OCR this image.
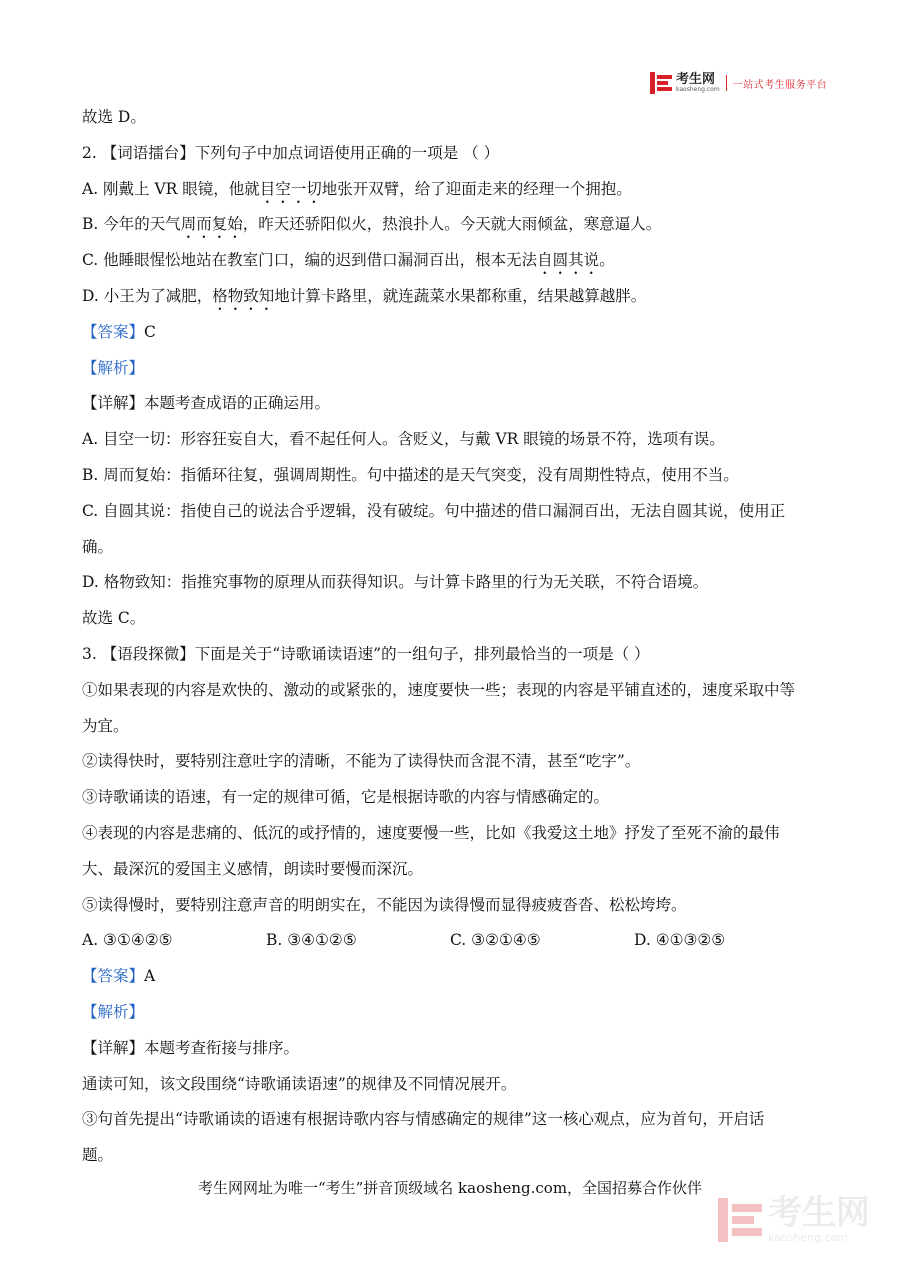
考生网
kaosheng.com 一站式考生服务平台
故选 D。
2. 【词语擂台】下列句子中加点词语使用正确的一项是 （ ）
A. 刚戴上 VR 眼镜，他就目空一切地张开双臂，给了迎面走来的经理一个拥抱。
B. 今年的天气周而复始，昨天还骄阳似火，热浪扑人。今天就大雨倾盆，寒意逼人。
C. 他睡眼惺忪地站在教室门口，编的迟到借口漏洞百出，根本无法自圆其说。
D. 小王为了减肥，格物致知地计算卡路里，就连蔬菜水果都称重，结果越算越胖。
【答案】C
【解析】
【详解】本题考查成语的正确运用。
A. 目空一切：形容狂妄自大，看不起任何人。含贬义，与戴 VR 眼镜的场景不符，选项有误。
B. 周而复始：指循环往复，强调周期性。句中描述的是天气突变，没有周期性特点，使用不当。
C. 自圆其说：指使自己的说法合乎逻辑，没有破绽。句中描述的借口漏洞百出，无法自圆其说，使用正
确。
D. 格物致知：指推究事物的原理从而获得知识。与计算卡路里的行为无关联，不符合语境。
故选 C。
3. 【语段探微】下面是关于“诗歌诵读语速”的一组句子，排列最恰当的一项是（ ）
①如果表现的内容是欢快的、激动的或紧张的，速度要快一些；表现的内容是平铺直述的，速度采取中等
为宜。
②读得快时，要特别注意吐字的清晰，不能为了读得快而含混不清，甚至“吃字”。
③诗歌诵读的语速，有一定的规律可循，它是根据诗歌的内容与情感确定的。
④表现的内容是悲痛的、低沉的或抒情的，速度要慢一些，比如《我爱这土地》抒发了至死不渝的最伟
大、最深沉的爱国主义感情，朗读时要慢而深沉。
⑤读得慢时，要特别注意声音的明朗实在，不能因为读得慢而显得疲疲沓沓、松松垮垮。
A. ③①④②⑤	B. ③④①②⑤	C. ③②①④⑤	D. ④①③②⑤
【答案】A
【解析】
【详解】本题考查衔接与排序。
通读可知，该文段围绕“诗歌诵读语速”的规律及不同情况展开。
③句首先提出“诗歌诵读的语速有根据诗歌内容与情感确定的规律”这一核心观点，应为首句，开启话
题。
考生网网址为唯一“考生”拼音顶级域名 kaosheng.com，全国招募合作伙伴
考生网
kaosheng.com
